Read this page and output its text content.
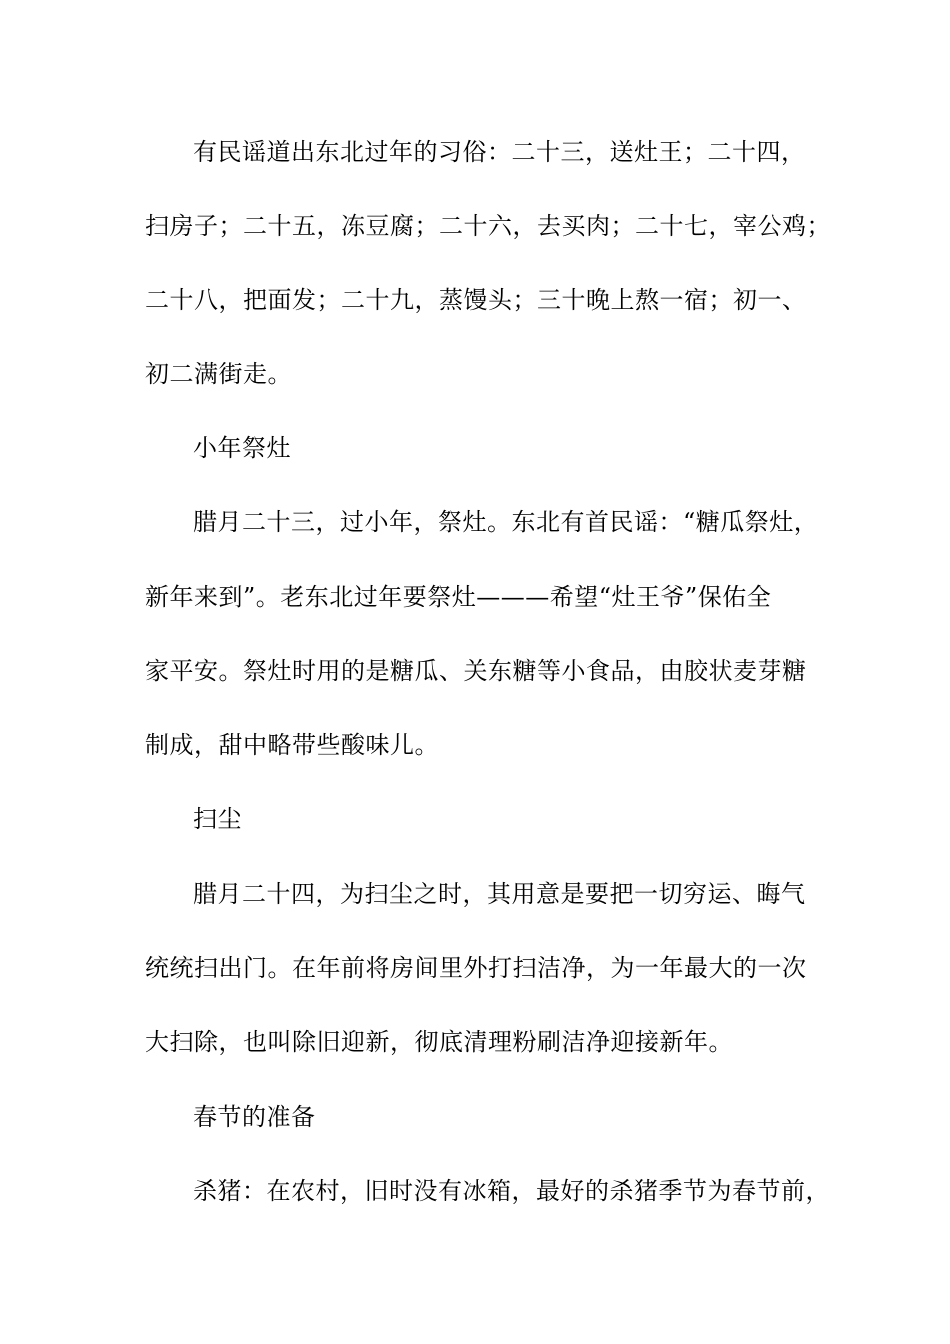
有民谣道出东北过年的习俗：二十三，送灶王；二十四，
扫房子；二十五，冻豆腐；二十六，去买肉；二十七，宰公鸡；
二十八，把面发；二十九，蒸馒头；三十晚上熬一宿；初一、
初二满街走。
小年祭灶
腊月二十三，过小年，祭灶。东北有首民谣：“糖瓜祭灶，
新年来到”。老东北过年要祭灶———希望“灶王爷”保佑全
家平安。祭灶时用的是糖瓜、关东糖等小食品，由胶状麦芽糖
制成，甜中略带些酸味儿。
扫尘
腊月二十四，为扫尘之时，其用意是要把一切穷运、晦气
统统扫出门。在年前将房间里外打扫洁净，为一年最大的一次
大扫除，也叫除旧迎新，彻底清理粉刷洁净迎接新年。
春节的准备
杀猪：在农村，旧时没有冰箱，最好的杀猪季节为春节前，
